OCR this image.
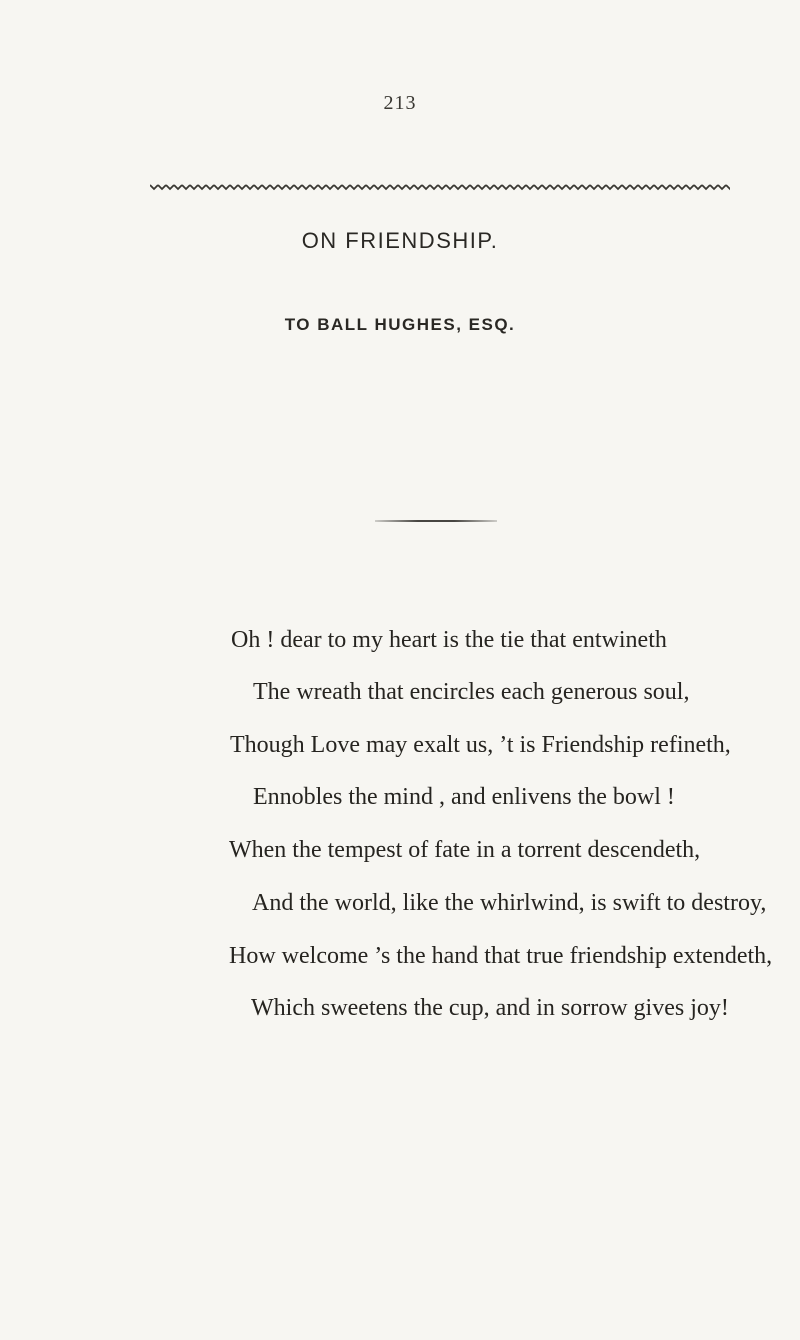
213
ON FRIENDSHIP.
TO BALL HUGHES, ESQ.
Oh ! dear to my heart is the tie that entwineth
The wreath that encircles each generous soul,
Though Love may exalt us, ’t is Friendship refineth,
Ennobles the mind , and enlivens the bowl !
When the tempest of fate in a torrent descendeth,
And the world, like the whirlwind, is swift to destroy,
How welcome ’s the hand that true friendship extendeth,
Which sweetens the cup, and in sorrow gives joy!
